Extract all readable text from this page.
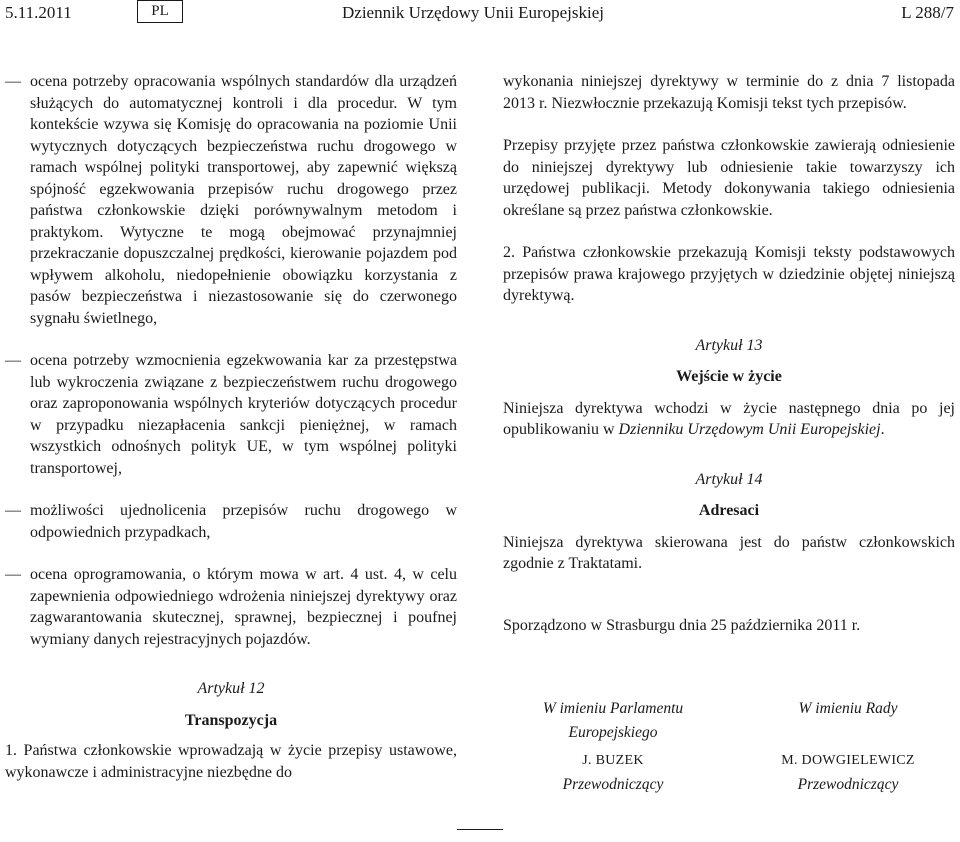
5.11.2011	PL	Dziennik Urzędowy Unii Europejskiej	L 288/7
— ocena potrzeby opracowania wspólnych standardów dla urządzeń służących do automatycznej kontroli i dla procedur. W tym kontekście wzywa się Komisję do opracowania na poziomie Unii wytycznych dotyczących bezpieczeństwa ruchu drogowego w ramach wspólnej polityki transportowej, aby zapewnić większą spójność egzekwowania przepisów ruchu drogowego przez państwa członkowskie dzięki porównywalnym metodom i praktykom. Wytyczne te mogą obejmować przynajmniej przekraczanie dopuszczalnej prędkości, kierowanie pojazdem pod wpływem alkoholu, niedopełnienie obowiązku korzystania z pasów bezpieczeństwa i niezastosowanie się do czerwonego sygnału świetlnego,
— ocena potrzeby wzmocnienia egzekwowania kar za przestępstwa lub wykroczenia związane z bezpieczeństwem ruchu drogowego oraz zaproponowania wspólnych kryteriów dotyczących procedur w przypadku niezapłacenia sankcji pieniężnej, w ramach wszystkich odnośnych polityk UE, w tym wspólnej polityki transportowej,
— możliwości ujednolicenia przepisów ruchu drogowego w odpowiednich przypadkach,
— ocena oprogramowania, o którym mowa w art. 4 ust. 4, w celu zapewnienia odpowiedniego wdrożenia niniejszej dyrektywy oraz zagwarantowania skutecznej, sprawnej, bezpiecznej i poufnej wymiany danych rejestracyjnych pojazdów.

Artykuł 12

Transpozycja

1. Państwa członkowskie wprowadzają w życie przepisy ustawowe, wykonawcze i administracyjne niezbędne do

wykonania niniejszej dyrektywy w terminie do z dnia 7 listopada 2013 r. Niezwłocznie przekazują Komisji tekst tych przepisów.

Przepisy przyjęte przez państwa członkowskie zawierają odniesienie do niniejszej dyrektywy lub odniesienie takie towarzyszy ich urzędowej publikacji. Metody dokonywania takiego odniesienia określane są przez państwa członkowskie.

2. Państwa członkowskie przekazują Komisji teksty podstawowych przepisów prawa krajowego przyjętych w dziedzinie objętej niniejszą dyrektywą.

Artykuł 13

Wejście w życie

Niniejsza dyrektywa wchodzi w życie następnego dnia po jej opublikowaniu w Dzienniku Urzędowym Unii Europejskiej.

Artykuł 14

Adresaci

Niniejsza dyrektywa skierowana jest do państw członkowskich zgodnie z Traktatami.

Sporządzono w Strasburgu dnia 25 października 2011 r.

W imieniu Parlamentu Europejskiego
J. BUZEK
Przewodniczący
W imieniu Rady
M. DOWGIELEWICZ
Przewodniczący
